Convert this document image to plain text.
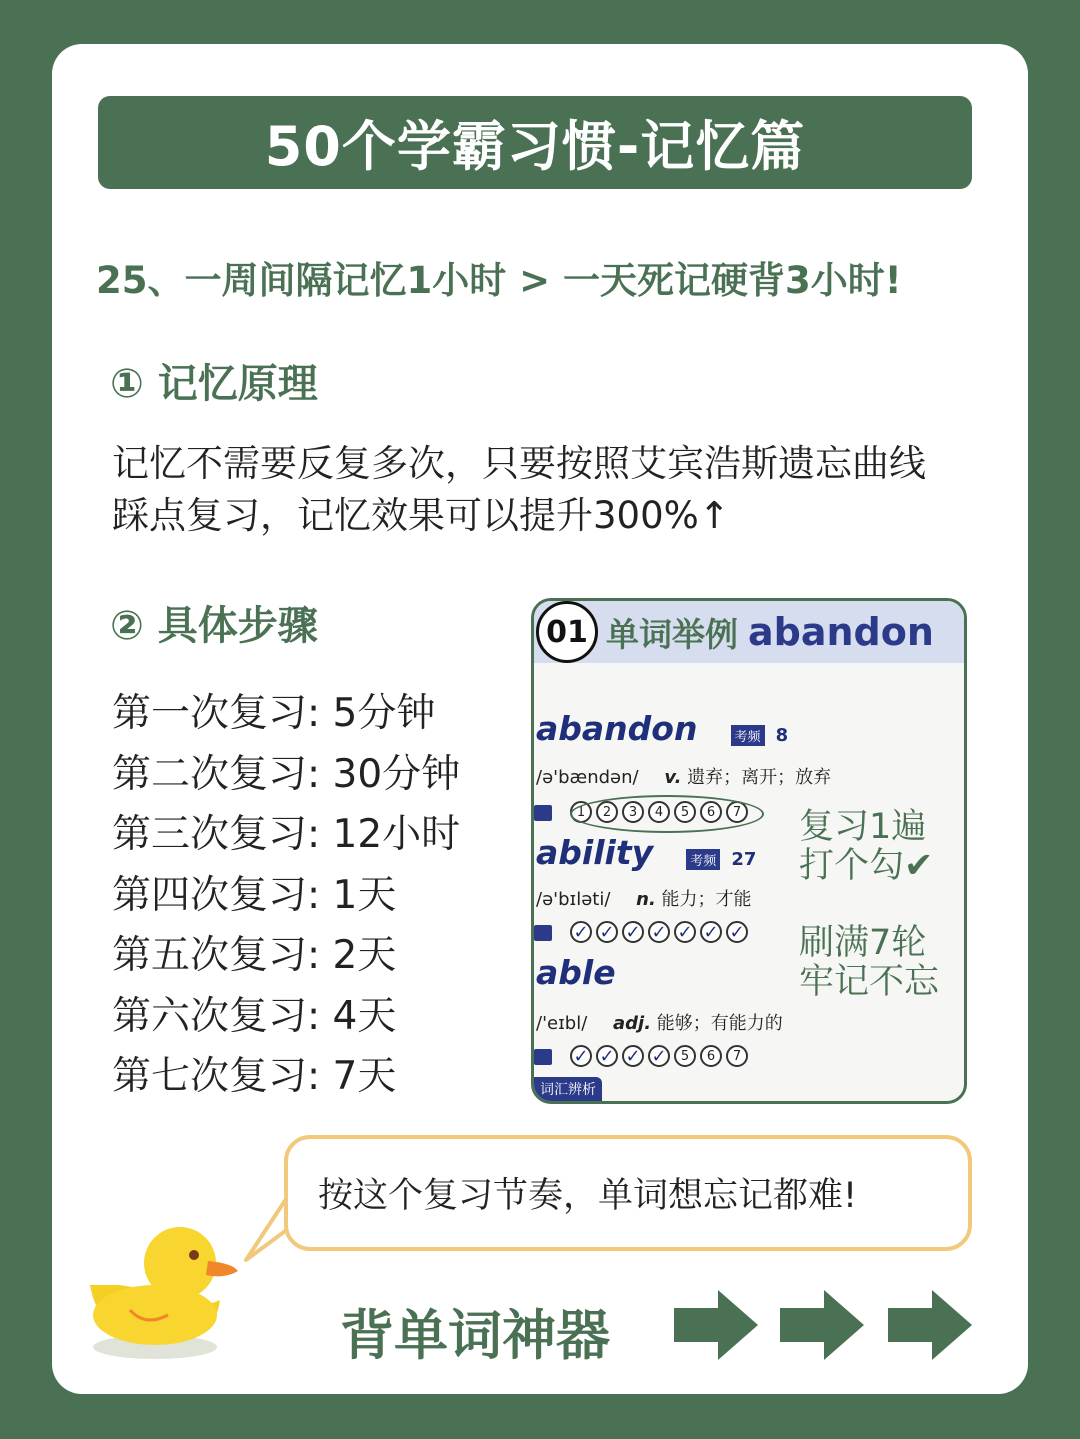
50个学霸习惯-记忆篇
25、一周间隔记忆1小时 > 一天死记硬背3小时!
① 记忆原理
记忆不需要反复多次，只要按照艾宾浩斯遗忘曲线踩点复习，记忆效果可以提升300%↑
② 具体步骤
第一次复习: 5分钟
第二次复习: 30分钟
第三次复习: 12小时
第四次复习: 1天
第五次复习: 2天
第六次复习: 4天
第七次复习: 7天
01 单词举例 abandon
abandon	考频 8
/ə'bændən/ v. 遗弃；离开；放弃
1	2	3	4	5	6	7
ability	考频 27
/ə'bɪləti/ n. 能力；才能
✓ ✓ ✓ ✓ ✓ ✓ ✓
able
/'eɪbl/ adj. 能够；有能力的
✓ ✓ ✓ ✓	5	6	7
词汇辨析
复习1遍
打个勾✔
刷满7轮
牢记不忘
按这个复习节奏，单词想忘记都难!
背单词神器
